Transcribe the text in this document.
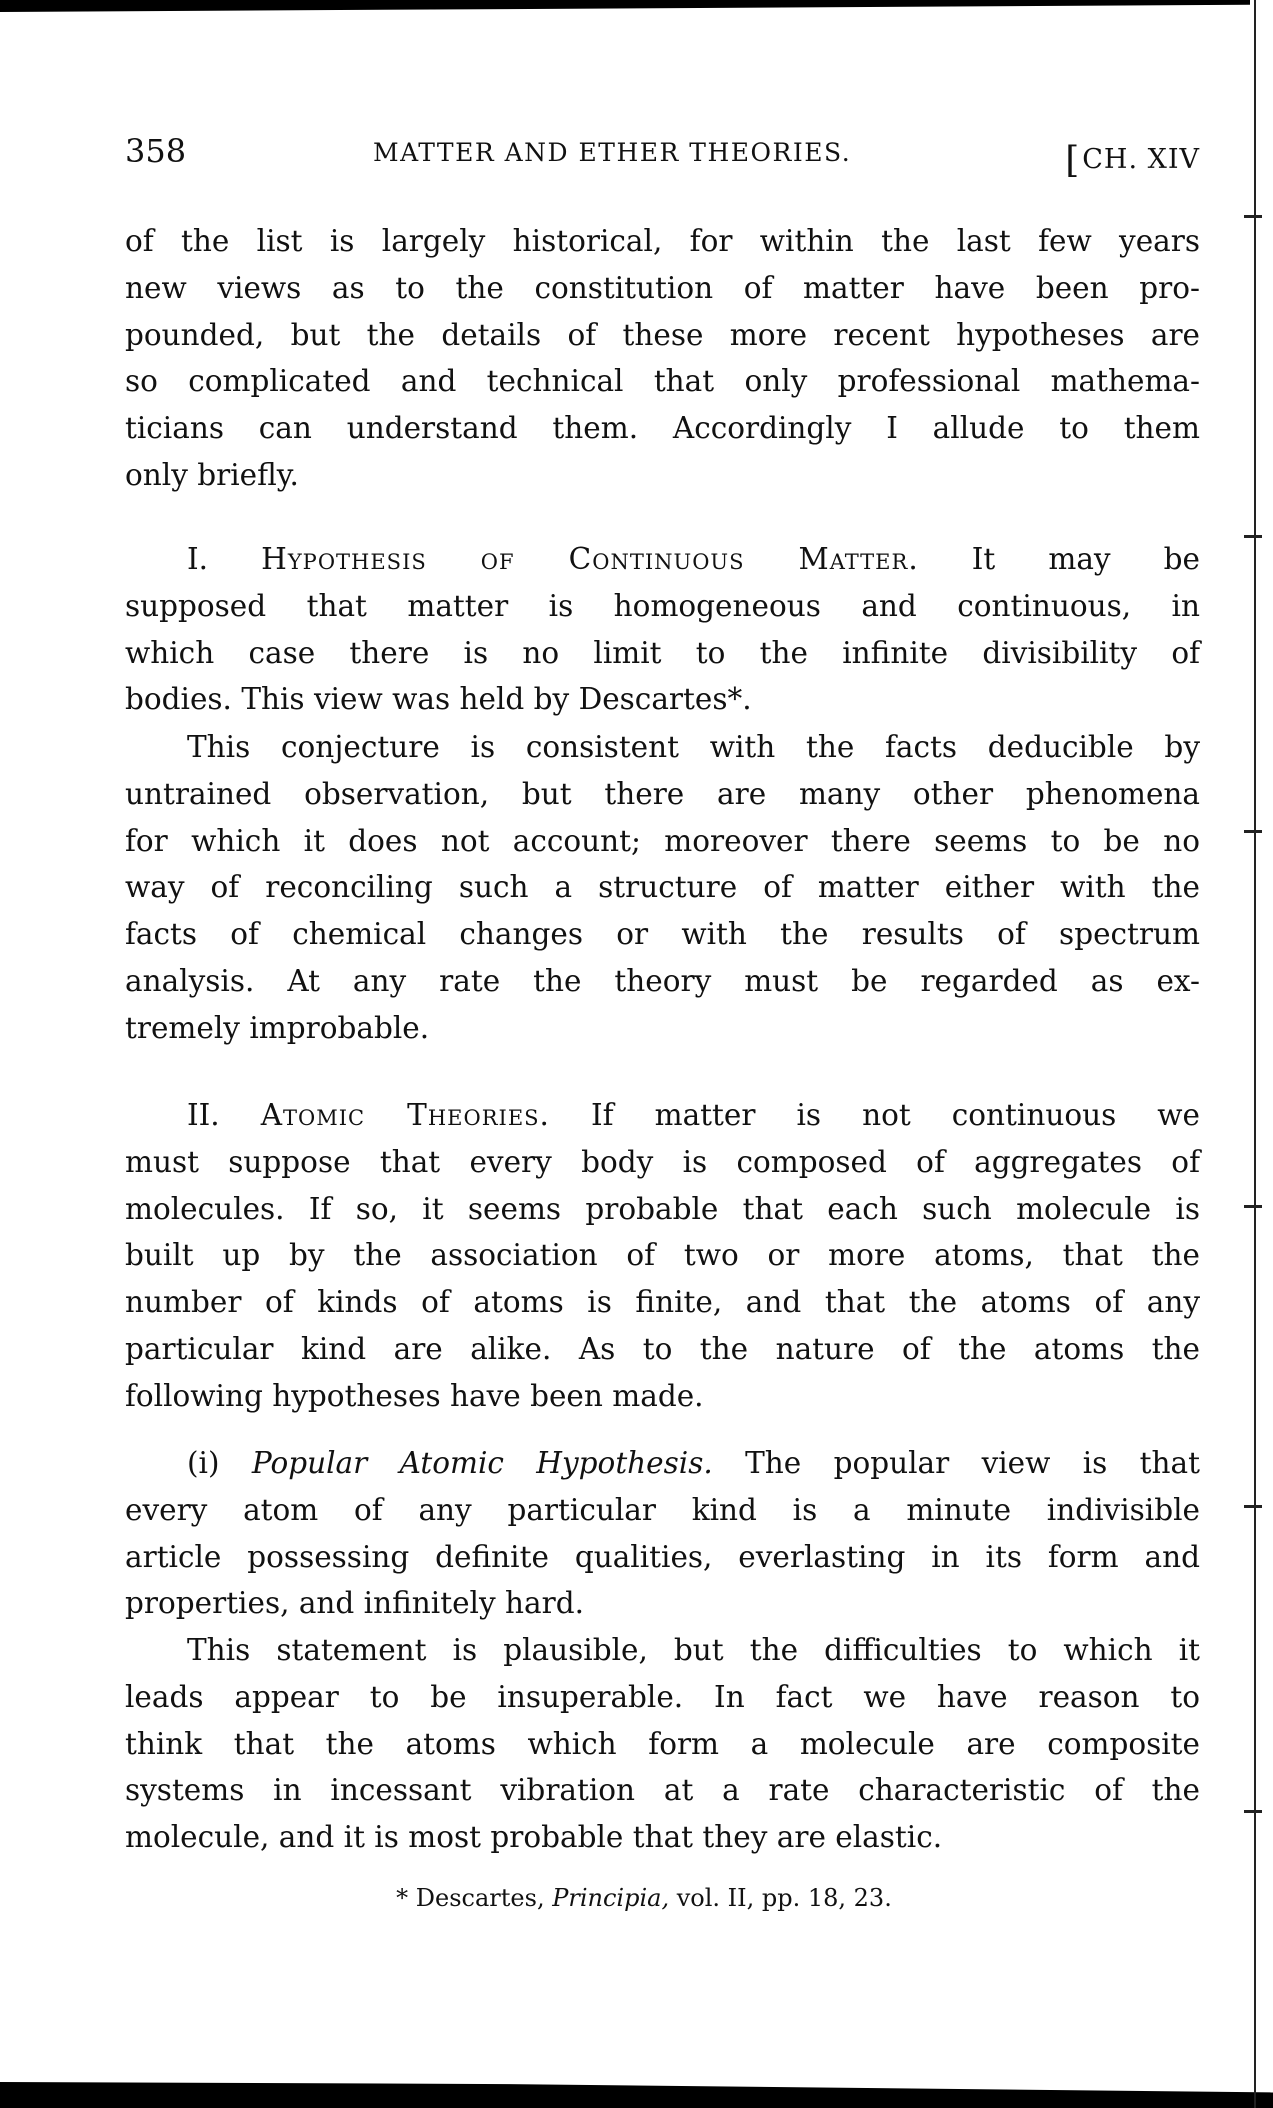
358	MATTER AND ETHER THEORIES.	[CH. XIV
of the list is largely historical, for within the last few years
new views as to the constitution of matter have been pro-
pounded, but the details of these more recent hypotheses are
so complicated and technical that only professional mathema-
ticians can understand them. Accordingly I allude to them
only briefly.
I. Hypothesis of Continuous Matter. It may be
supposed that matter is homogeneous and continuous, in
which case there is no limit to the infinite divisibility of
bodies. This view was held by Descartes*.
This conjecture is consistent with the facts deducible by
untrained observation, but there are many other phenomena
for which it does not account; moreover there seems to be no
way of reconciling such a structure of matter either with the
facts of chemical changes or with the results of spectrum
analysis. At any rate the theory must be regarded as ex-
tremely improbable.
II. Atomic Theories. If matter is not continuous we
must suppose that every body is composed of aggregates of
molecules. If so, it seems probable that each such molecule is
built up by the association of two or more atoms, that the
number of kinds of atoms is finite, and that the atoms of any
particular kind are alike. As to the nature of the atoms the
following hypotheses have been made.
(i) Popular Atomic Hypothesis. The popular view is that
every atom of any particular kind is a minute indivisible
article possessing definite qualities, everlasting in its form and
properties, and infinitely hard.
This statement is plausible, but the difficulties to which it
leads appear to be insuperable. In fact we have reason to
think that the atoms which form a molecule are composite
systems in incessant vibration at a rate characteristic of the
molecule, and it is most probable that they are elastic.
* Descartes, Principia, vol. II, pp. 18, 23.
